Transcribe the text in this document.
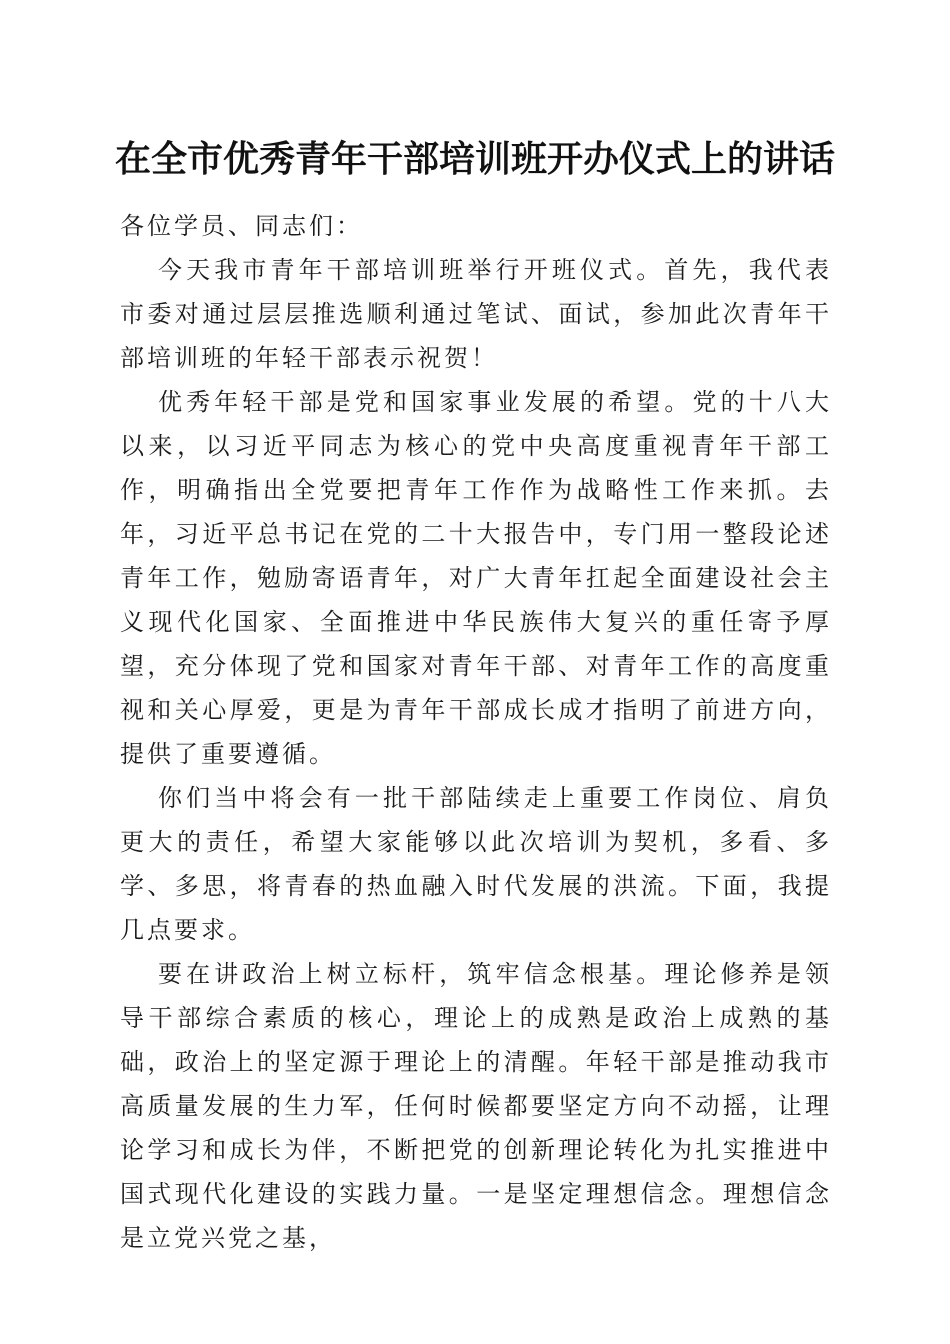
在全市优秀青年干部培训班开办仪式上的讲话

各位学员、同志们：

今天我市青年干部培训班举行开班仪式。首先，我代表市委对通过层层推选顺利通过笔试、面试，参加此次青年干部培训班的年轻干部表示祝贺！

优秀年轻干部是党和国家事业发展的希望。党的十八大以来，以习近平同志为核心的党中央高度重视青年干部工作，明确指出全党要把青年工作作为战略性工作来抓。去年，习近平总书记在党的二十大报告中，专门用一整段论述青年工作，勉励寄语青年，对广大青年扛起全面建设社会主义现代化国家、全面推进中华民族伟大复兴的重任寄予厚望，充分体现了党和国家对青年干部、对青年工作的高度重视和关心厚爱，更是为青年干部成长成才指明了前进方向，提供了重要遵循。

你们当中将会有一批干部陆续走上重要工作岗位、肩负更大的责任，希望大家能够以此次培训为契机，多看、多学、多思，将青春的热血融入时代发展的洪流。下面，我提几点要求。

要在讲政治上树立标杆，筑牢信念根基。理论修养是领导干部综合素质的核心，理论上的成熟是政治上成熟的基础，政治上的坚定源于理论上的清醒。年轻干部是推动我市高质量发展的生力军，任何时候都要坚定方向不动摇，让理论学习和成长为伴，不断把党的创新理论转化为扎实推进中国式现代化建设的实践力量。一是坚定理想信念。理想信念是立党兴党之基，
